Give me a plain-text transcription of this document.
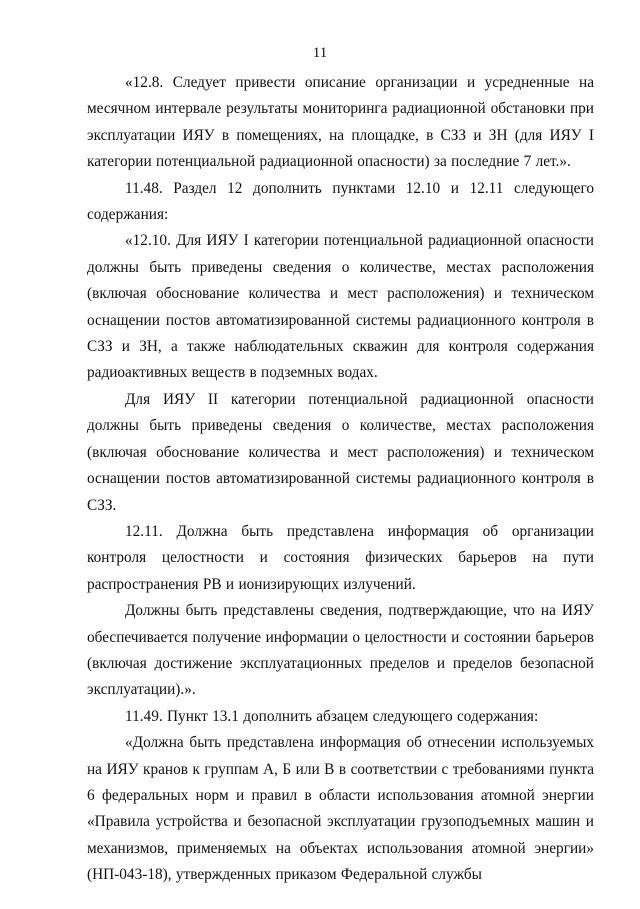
11

«12.8. Следует привести описание организации и усредненные на месячном интервале результаты мониторинга радиационной обстановки при эксплуатации ИЯУ в помещениях, на площадке, в СЗЗ и ЗН (для ИЯУ I категории потенциальной радиационной опасности) за последние 7 лет.».

11.48. Раздел 12 дополнить пунктами 12.10 и 12.11 следующего содержания:

«12.10. Для ИЯУ I категории потенциальной радиационной опасности должны быть приведены сведения о количестве, местах расположения (включая обоснование количества и мест расположения) и техническом оснащении постов автоматизированной системы радиационного контроля в СЗЗ и ЗН, а также наблюдательных скважин для контроля содержания радиоактивных веществ в подземных водах.

Для ИЯУ II категории потенциальной радиационной опасности должны быть приведены сведения о количестве, местах расположения (включая обоснование количества и мест расположения) и техническом оснащении постов автоматизированной системы радиационного контроля в СЗЗ.

12.11. Должна быть представлена информация об организации контроля целостности и состояния физических барьеров на пути распространения РВ и ионизирующих излучений.

Должны быть представлены сведения, подтверждающие, что на ИЯУ обеспечивается получение информации о целостности и состоянии барьеров (включая достижение эксплуатационных пределов и пределов безопасной эксплуатации).».

11.49. Пункт 13.1 дополнить абзацем следующего содержания:

«Должна быть представлена информация об отнесении используемых на ИЯУ кранов к группам А, Б или В в соответствии с требованиями пункта 6 федеральных норм и правил в области использования атомной энергии «Правила устройства и безопасной эксплуатации грузоподъемных машин и механизмов, применяемых на объектах использования атомной энергии» (НП-043-18), утвержденных приказом Федеральной службы
